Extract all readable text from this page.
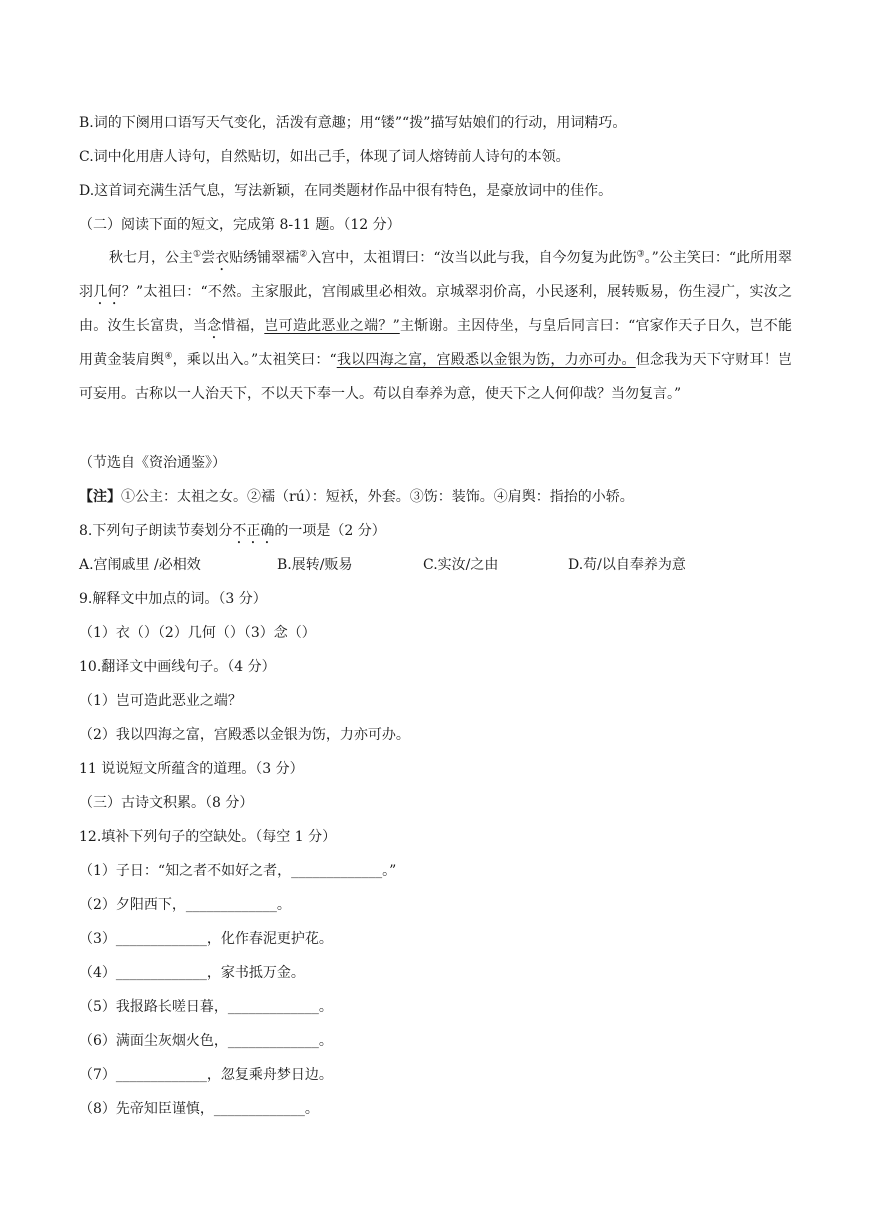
B.词的下阕用口语写天气变化，活泼有意趣；用“镂”“拨”描写姑娘们的行动，用词精巧。
C.词中化用唐人诗句，自然贴切，如出己手，体现了词人熔铸前人诗句的本领。
D.这首词充满生活气息，写法新颖，在同类题材作品中很有特色，是豪放词中的佳作。
（二）阅读下面的短文，完成第 8-11 题。（12 分）
秋七月，公主①尝衣贴绣铺翠襦②入宫中，太祖谓曰：“汝当以此与我，自今勿复为此饬③。”公主笑曰：“此所用翠羽几何？”太祖曰：“不然。主家服此，宫闱戚里必相效。京城翠羽价高，小民逐利，展转贩易，伤生浸广，实汝之由。汝生长富贵，当念惜福，岂可造此恶业之端？”主惭谢。主因侍坐，与皇后同言曰：“官家作天子日久，岂不能用黄金装肩舆④，乘以出入。”太祖笑曰：“我以四海之富，宫殿悉以金银为饬，力亦可办。但念我为天下守财耳！岂可妄用。古称以一人治天下，不以天下奉一人。苟以自奉养为意，使天下之人何仰哉？当勿复言。”
（节选自《资治通鉴》）
【注】①公主：太祖之女。②襦（rú）：短袄，外套。③饬：装饰。④肩舆：指抬的小轿。
8.下列句子朗读节奏划分不正确的一项是（2 分）
A.宫闱戚里 /必相效	B.展转/贩易	C.实汝/之由	D.苟/以自奉养为意
9.解释文中加点的词。（3 分）
（1）衣（）（2）几何（）（3）念（）
10.翻译文中画线句子。（4 分）
（1）岂可造此恶业之端？
（2）我以四海之富，宫殿悉以金银为饬，力亦可办。
11 说说短文所蕴含的道理。（3 分）
（三）古诗文积累。（8 分）
12.填补下列句子的空缺处。（每空 1 分）
（1）子日：“知之者不如好之者，_____________。”
（2）夕阳西下，_____________。
（3）_____________，化作春泥更护花。
（4）_____________，家书抵万金。
（5）我报路长嗟日暮，_____________。
（6）满面尘灰烟火色，_____________。
（7）_____________，忽复乘舟梦日边。
（8）先帝知臣谨慎，_____________。
